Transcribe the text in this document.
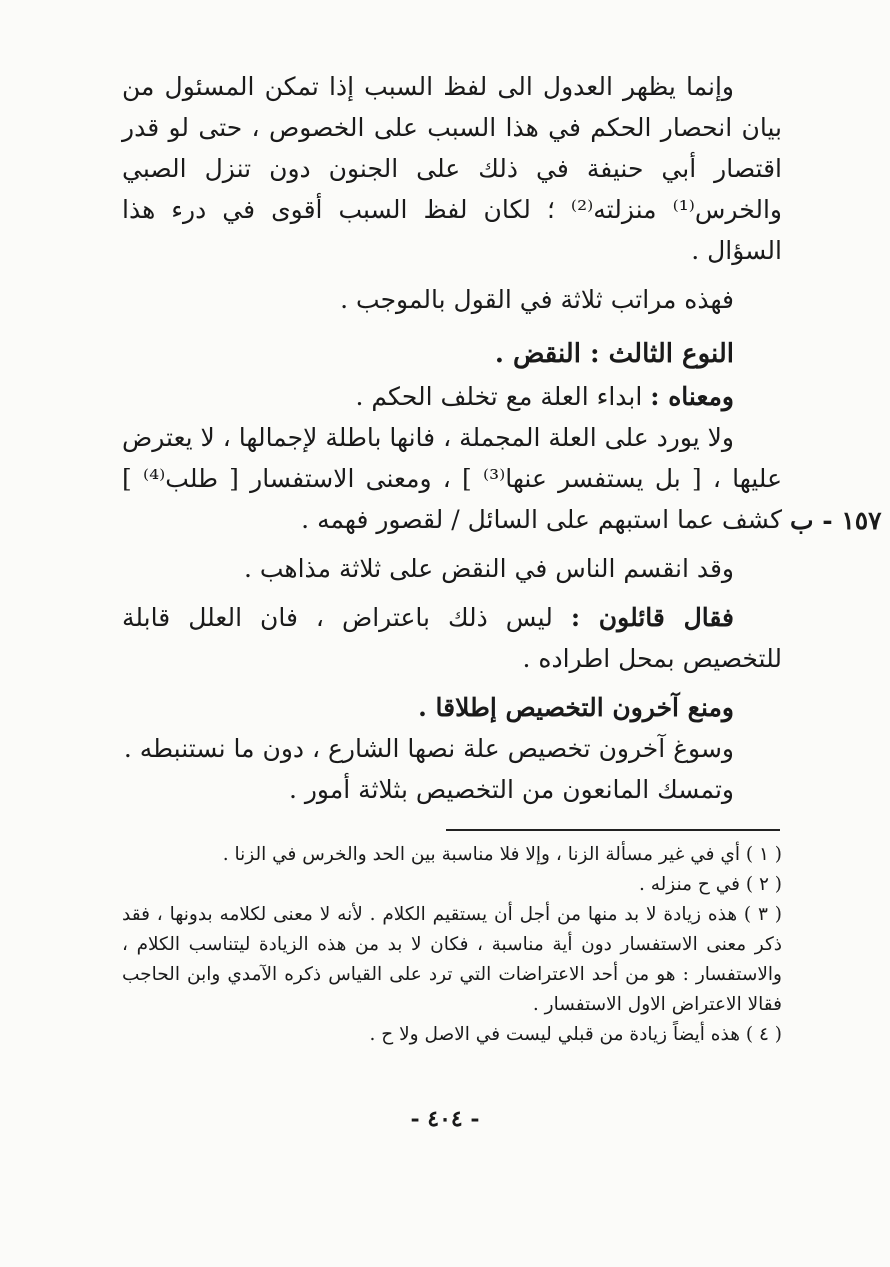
وإنما يظهر العدول الى لفظ السبب إذا تمكن المسئول من بيان انحصار الحكم في هذا السبب على الخصوص ، حتى لو قدر اقتصار أبي حنيفة في ذلك على الجنون دون تنزل الصبي والخرس⁽¹⁾ منزلته⁽²⁾ ؛ لكان لفظ السبب أقوى في درء هذا السؤال .

فهذه مراتب ثلاثة في القول بالموجب .

النوع الثالث : النقض .

ومعناه : ابداء العلة مع تخلف الحكم .

ولا يورد على العلة المجملة ، فانها باطلة لإجمالها ، لا يعترض عليها ، [ بل يستفسر عنها⁽³⁾ ] ، ومعنى الاستفسار [ طلب⁽⁴⁾ ] كشف عما استبهم على السائل / لقصور فهمه .

وقد انقسم الناس في النقض على ثلاثة مذاهب .

فقال قائلون : ليس ذلك باعتراض ، فان العلل قابلة للتخصيص بمحل اطراده .

ومنع آخرون التخصيص إطلاقا .

وسوغ آخرون تخصيص علة نصها الشارع ، دون ما نستنبطه .

وتمسك المانعون من التخصيص بثلاثة أمور .

١٥٧ - ب

( ١ ) أي في غير مسألة الزنا ، وإلا فلا مناسبة بين الحد والخرس في الزنا .

( ٢ ) في ح منزله .

( ٣ ) هذه زيادة لا بد منها من أجل أن يستقيم الكلام . لأنه لا معنى لكلامه بدونها ، فقد ذكر معنى الاستفسار دون أية مناسبة ، فكان لا بد من هذه الزيادة ليتناسب الكلام ، والاستفسار : هو من أحد الاعتراضات التي ترد على القياس ذكره الآمدي وابن الحاجب فقالا الاعتراض الاول الاستفسار .

( ٤ ) هذه أيضاً زيادة من قبلي ليست في الاصل ولا ح .

- ٤٠٤ -
